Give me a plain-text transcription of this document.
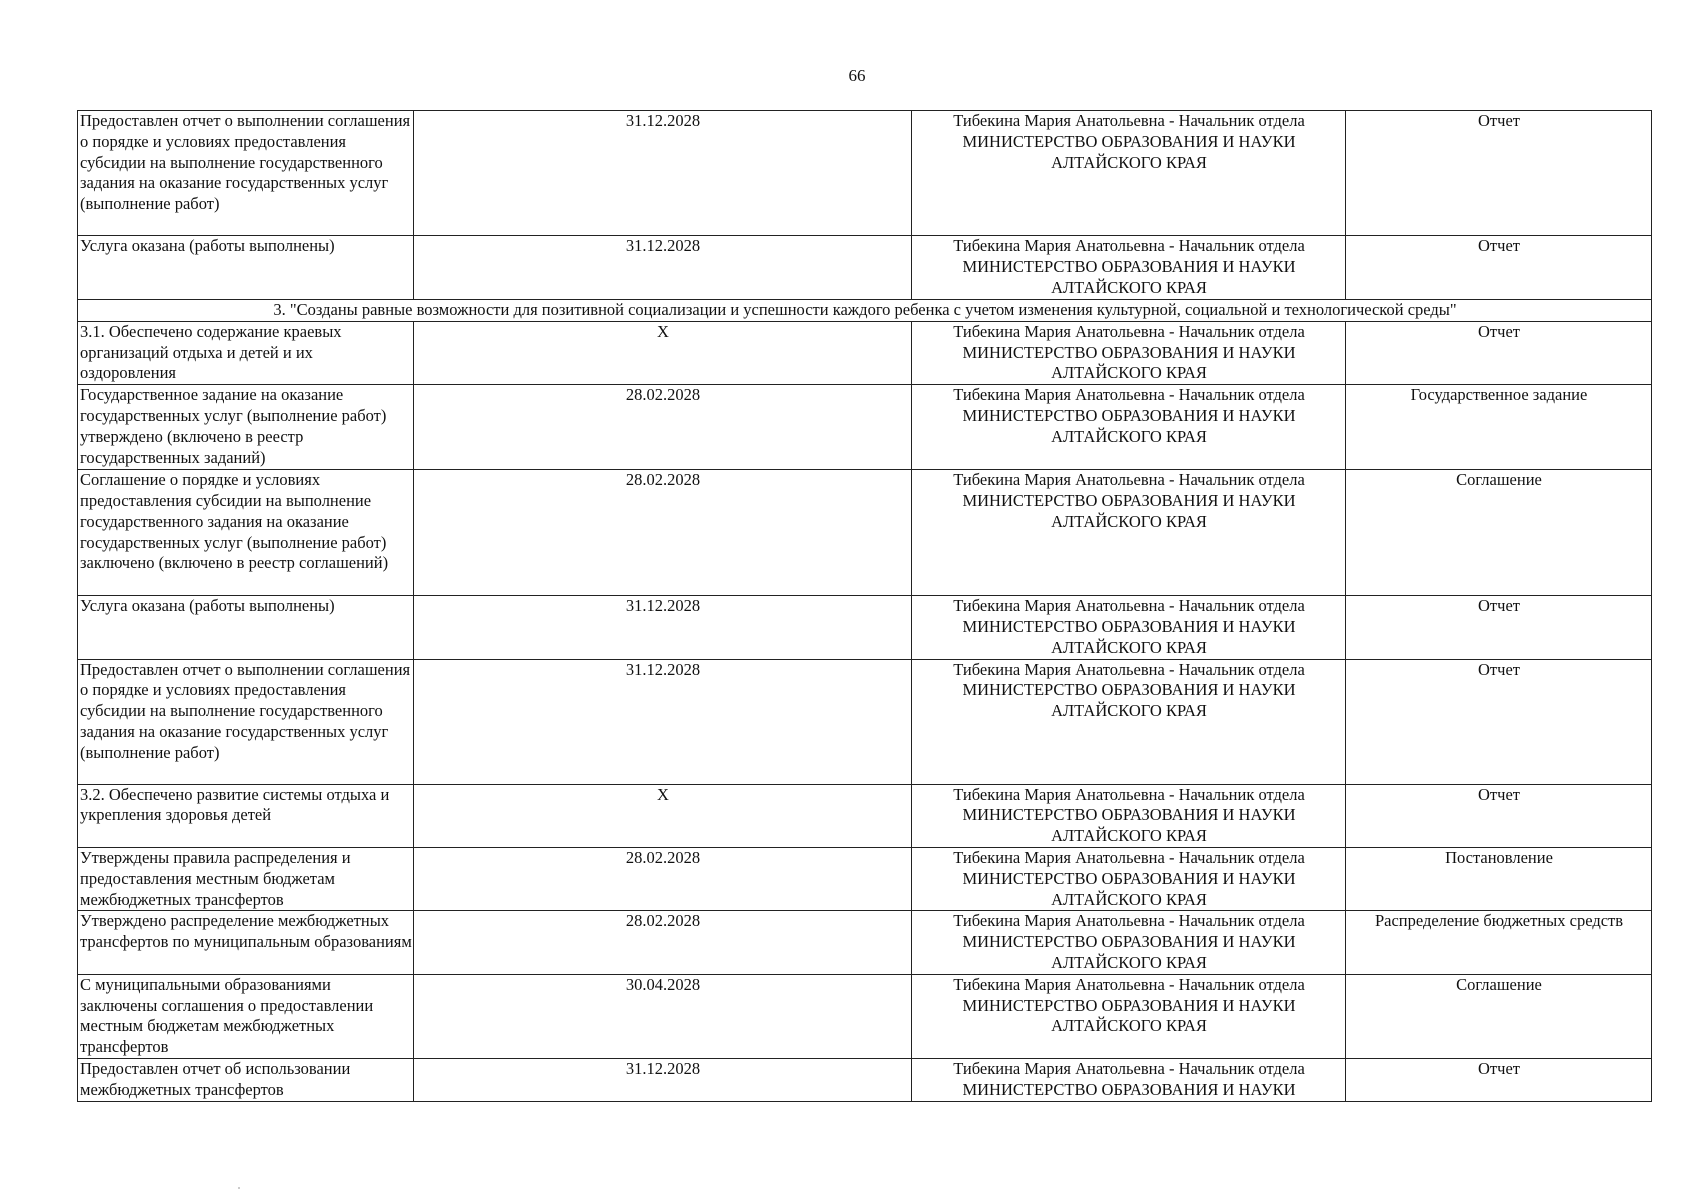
66
Предоставлен отчет о выполнении соглашения о порядке и условиях предоставления субсидии на выполнение государственного задания на оказание государственных услуг (выполнение работ)	31.12.2028	Тибекина Мария Анатольевна - Начальник отдела
МИНИСТЕРСТВО ОБРАЗОВАНИЯ И НАУКИ
АЛТАЙСКОГО КРАЯ	Отчет
Услуга оказана (работы выполнены)	31.12.2028	Тибекина Мария Анатольевна - Начальник отдела
МИНИСТЕРСТВО ОБРАЗОВАНИЯ И НАУКИ
АЛТАЙСКОГО КРАЯ	Отчет
3. "Созданы равные возможности для позитивной социализации и успешности каждого ребенка с учетом изменения культурной, социальной и технологической среды"			
3.1. Обеспечено содержание краевых организаций отдыха и детей и их оздоровления	X	Тибекина Мария Анатольевна - Начальник отдела
МИНИСТЕРСТВО ОБРАЗОВАНИЯ И НАУКИ
АЛТАЙСКОГО КРАЯ	Отчет
Государственное задание на оказание государственных услуг (выполнение работ) утверждено (включено в реестр государственных заданий)	28.02.2028	Тибекина Мария Анатольевна - Начальник отдела
МИНИСТЕРСТВО ОБРАЗОВАНИЯ И НАУКИ
АЛТАЙСКОГО КРАЯ	Государственное задание
Соглашение о порядке и условиях предоставления субсидии на выполнение государственного задания на оказание государственных услуг (выполнение работ) заключено (включено в реестр соглашений)	28.02.2028	Тибекина Мария Анатольевна - Начальник отдела
МИНИСТЕРСТВО ОБРАЗОВАНИЯ И НАУКИ
АЛТАЙСКОГО КРАЯ	Соглашение
Услуга оказана (работы выполнены)	31.12.2028	Тибекина Мария Анатольевна - Начальник отдела
МИНИСТЕРСТВО ОБРАЗОВАНИЯ И НАУКИ
АЛТАЙСКОГО КРАЯ	Отчет
Предоставлен отчет о выполнении соглашения о порядке и условиях предоставления субсидии на выполнение государственного задания на оказание государственных услуг (выполнение работ)	31.12.2028	Тибекина Мария Анатольевна - Начальник отдела
МИНИСТЕРСТВО ОБРАЗОВАНИЯ И НАУКИ
АЛТАЙСКОГО КРАЯ	Отчет
3.2. Обеспечено развитие системы отдыха и укрепления здоровья детей	X	Тибекина Мария Анатольевна - Начальник отдела
МИНИСТЕРСТВО ОБРАЗОВАНИЯ И НАУКИ
АЛТАЙСКОГО КРАЯ	Отчет
Утверждены правила распределения и предоставления местным бюджетам межбюджетных трансфертов	28.02.2028	Тибекина Мария Анатольевна - Начальник отдела
МИНИСТЕРСТВО ОБРАЗОВАНИЯ И НАУКИ
АЛТАЙСКОГО КРАЯ	Постановление
Утверждено распределение межбюджетных трансфертов по муниципальным образованиям	28.02.2028	Тибекина Мария Анатольевна - Начальник отдела
МИНИСТЕРСТВО ОБРАЗОВАНИЯ И НАУКИ
АЛТАЙСКОГО КРАЯ	Распределение бюджетных средств
С муниципальными образованиями заключены соглашения о предоставлении местным бюджетам межбюджетных трансфертов	30.04.2028	Тибекина Мария Анатольевна - Начальник отдела
МИНИСТЕРСТВО ОБРАЗОВАНИЯ И НАУКИ
АЛТАЙСКОГО КРАЯ	Соглашение
Предоставлен отчет об использовании межбюджетных трансфертов	31.12.2028	Тибекина Мария Анатольевна - Начальник отдела
МИНИСТЕРСТВО ОБРАЗОВАНИЯ И НАУКИ	Отчет
